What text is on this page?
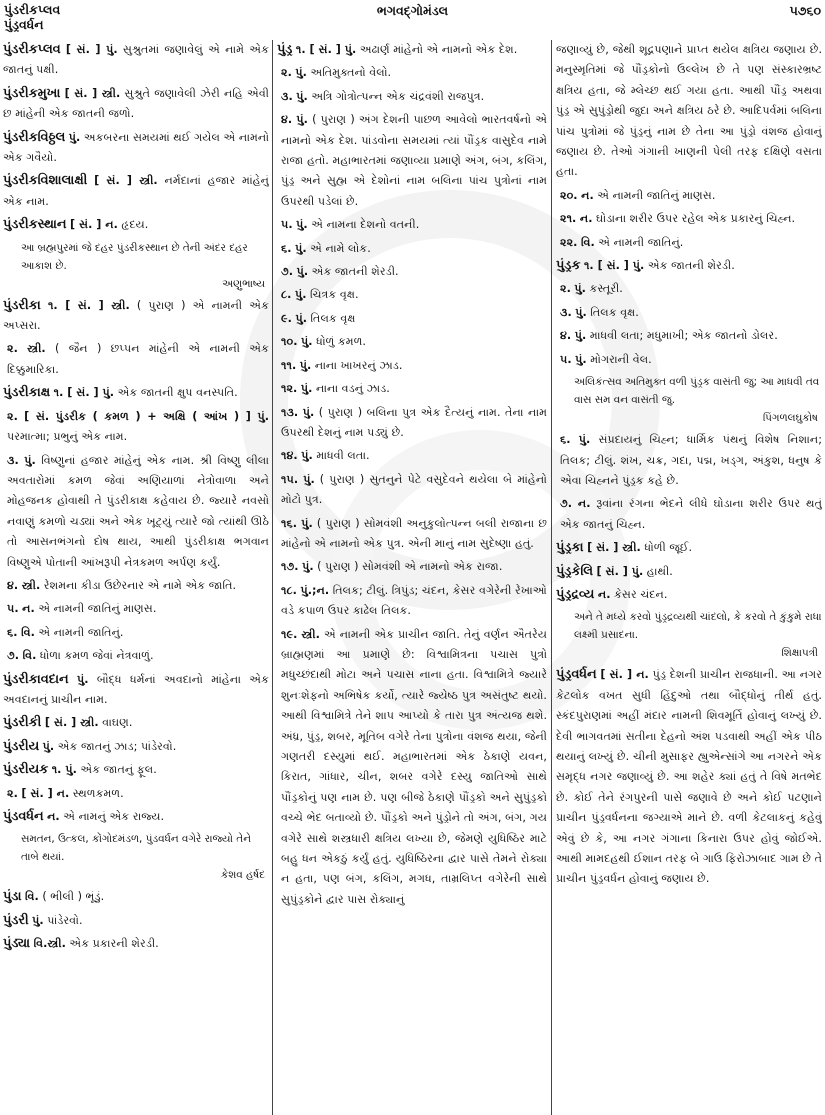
પુંડરીકપ્લવ
પુંડ્રવર્ધન
ભગવદ્ગોમંડલ	૫૭૬૦
પુંડરીકપ્લવ [ સં. ] પું. સુશ્રુતમાં જણાવેલું એ નામે એક જાતનું પક્ષી.
પુંડરીકમુખા [ સં. ] સ્ત્રી. સુશ્રુતે જણાવેલી ઝેરી નહિ એવી છ માંહેની એક જાતની જળો.
પુંડરીકવિઠ્ઠલ પું. અકબરના સમયમાં થઈ ગયેલ એ નામનો એક ગવૈયો.
પુંડરીકવિશાલાક્ષી [ સં. ] સ્ત્રી. નર્મદાનાં હજાર માંહેનું એક નામ.
પુંડરીકસ્થાન [ સં. ] ન. હૃદય.
આ બ્રહ્મપુરમાં જે દહર પુંડરીકસ્થાન છે તેની અંદર દહર આકાશ છે.
અણુભાષ્ય
પુંડરીકા ૧. [ સં. ] સ્ત્રી. ( પુરાણ ) એ નામની એક અપ્સરા.
૨. સ્ત્રી. ( જૈન ) છપ્પન માંહેની એ નામની એક દિક્કુમારિકા.
પુંડરીકાક્ષ ૧. [ સં. ] પું. એક જાતની ક્ષુપ વનસ્પતિ.
૨. [ સં. પુંડરીક ( કમળ ) + અક્ષિ ( આંખ ) ] પું. પરમાત્મા; પ્રભુનું એક નામ.
૩. પું. વિષ્ણુનાં હજાર માંહેનું એક નામ. શ્રી વિષ્ણુ લીલા અવતારોમાં કમળ જેવાં અણિયાળાં નેત્રોવાળા અને મોહજનક હોવાથી તે પુંડરીકાક્ષ કહેવાય છે. જ્યારે નવસો નવાણું કમળો ચડ્યાં અને એક ખૂટ્યું ત્યારે જો ત્યાંથી ઊઠે તો આસનભંગનો દોષ થાય, આથી પુંડરીકાક્ષ ભગવાન વિષ્ણુએ પોતાની આંખરૂપી નેત્રકમળ અર્પણ કર્યું.
૪. સ્ત્રી. રેશમના કીડા ઉછેરનાર એ નામે એક જાતિ.
૫. ન. એ નામની જાતિનું માણસ.
૬. વિ. એ નામની જાતિનું.
૭. વિ. ધોળા કમળ જેવાં નેત્રવાળું.
પુંડરીકાવદાન પું. બૌદ્ધ ધર્મનાં અવદાનો માંહેના એક અવદાનનું પ્રાચીન નામ.
પુંડરીકી [ સં. ] સ્ત્રી. વાઘણ.
પુંડરીય પું. એક જાતનું ઝાડ; પાંડેરવો.
પુંડરીયક ૧. પું. એક જાતનું ફૂલ.
૨. [ સં. ] ન. સ્થળકમળ.
પુંડવર્ધન ન. એ નામનું એક રાજ્ય.
સમતન, ઉત્કલ, કોંગોદમંડળ, પુંડવર્ધન વગેરે રાજ્યો તેને તાબે થયાં.
કેશવ હર્ષદ
પુંડા વિ. ( ભીલી ) ભૂંડું.
પુંડરી પું. પાંડેરવો.
પુંડ્યા વિ.સ્ત્રી. એક પ્રકારની શેરડી.
પુંડ્ર ૧. [ સં. ] પું. અઢાર્ણ માંહેનો એ નામનો એક દેશ.
૨. પું. અતિમુક્તનો વેલો.
૩. પું. અત્રિ ગોત્રોત્પન્ન એક ચંદ્રવંશી રાજપુત્ર.
૪. પું. ( પુરાણ ) અંગ દેશની પાછળ આવેલો ભારતવર્ષનો એ નામનો એક દેશ. પાંડવોના સમયમાં ત્યાં પૌંડ્રક વાસુદેવ નામે રાજા હતો. મહાભારતમાં જણાવ્યા પ્રમાણે અંગ, બંગ, કલિંગ, પુંડ્ર અને સુહ્મ એ દેશોનાં નામ બલિના પાંચ પુત્રોનાં નામ ઉપરથી પડેલાં છે.
૫. પું. એ નામના દેશનો વતની.
૬. પું. એ નામે લોક.
૭. પું. એક જાતની શેરડી.
૮. પું. ચિત્રક વૃક્ષ.
૯. પું. તિલક વૃક્ષ
૧૦. પું. ધોળું કમળ.
૧૧. પું. નાના ખાખરનું ઝાડ.
૧૨. પું. નાના વડનું ઝાડ.
૧૩. પું. ( પુરાણ ) બલિના પુત્ર એક દૈત્યનું નામ. તેના નામ ઉપરથી દેશનું નામ પડ્યું છે.
૧૪. પું. માધવી લતા.
૧૫. પું. ( પુરાણ ) સુતનુને પેટે વસુદેવને થયેલા બે માંહેનો મોટો પુત્ર.
૧૬. પું. ( પુરાણ ) સોમવંશી અનુકુલોત્પન્ન બલી રાજાના છ માંહેનો એ નામનો એક પુત્ર. એની માનું નામ સુદેષ્ણા હતું.
૧૭. પું. ( પુરાણ ) સોમવંશી એ નામનો એક રાજા.
૧૮. પું.;ન. તિલક; ટીલું. ત્રિપુંડ; ચંદન, કેસર વગેરેની રેખાઓ વડે કપાળ ઉપર કાઢેલ તિલક.
૧૯. સ્ત્રી. એ નામની એક પ્રાચીન જાતિ. તેનું વર્ણન ઐતરેય બ્રાહ્મણમાં આ પ્રમાણે છે: વિશ્વામિત્રના પચાસ પુત્રો મધુચ્છંદાથી મોટા અને પચાસ નાના હતા. વિશ્વામિત્રે જ્યારે શુનઃશેફનો અભિષેક કર્યો, ત્યારે જ્યેષ્ઠ પુત્ર અસંતુષ્ટ થયો. આથી વિશ્વામિત્રે તેને શાપ આપ્યો કે તારા પુત્ર અંત્યજ થશે. અંધ્ર, પુંડ્ર, શબર, મૂતિબ વગેરે તેના પુત્રોના વંશજ થયા, જેની ગણતરી દસ્યુમાં થઈ. મહાભારતમાં એક ઠેકાણે યવન, કિરાત, ગાંધાર, ચીન, શબર વગેરે દસ્યુ જાતિઓ સાથે પૌંડ્રકોનું પણ નામ છે. પણ બીજે ઠેકાણે પૌંડ્રકો અને સુપુંડ્રકો વચ્ચે ભેદ બતાવ્યો છે. પૌંડ્રકો અને પુંડ્રોને તો અંગ, બંગ, ગય વગેરે સાથે શસ્ત્રધારી ક્ષત્રિય લખ્યા છે, જેમણે યુધિષ્ઠિર માટે બહુ ધન એકઠું કર્યું હતું. યુધિષ્ઠિરના દ્વાર પાસે તેમને રોક્યા ન હતા, પણ બંગ, કલિંગ, મગધ, તામ્રલિપ્ત વગેરેની સાથે સુપુંડ્રકોને દ્વાર પાસ રોક્યાનું
જણાવ્યું છે, જેથી શૂદ્રપણાને પ્રાપ્ત થયેલ ક્ષત્રિય જણાય છે. મનુસ્મૃતિમાં જે પૌંડ્રકોનો ઉલ્લેખ છે તે પણ સંસ્કારભ્રષ્ટ ક્ષત્રિય હતા, જે મ્લેચ્છ થઈ ગયા હતા. આથી પૌંડ્ર અથવા પુંડ્ર એ સુપુંડ્રોથી જુદા અને ક્ષત્રિય ઠરે છે. આદિપર્વમાં બલિના પાંચ પુત્રોમાં જે પુંડ્રનું નામ છે તેના આ પુંડ્રો વંશજ હોવાનું જણાય છે. તેઓ ગંગાની ખાણની પેલી તરફ દક્ષિણે વસતા હતા.
૨૦. ન. એ નામની જાતિનું માણસ.
૨૧. ન. ઘોડાના શરીર ઉપર રહેલ એક પ્રકારનું ચિહ્ન.
૨૨. વિ. એ નામની જાતિનું.
પુંડ્રક ૧. [ સં. ] પું. એક જાતની શેરડી.
૨. પું. કસ્તૂરી.
૩. પું. તિલક વૃક્ષ.
૪. પું. માધવી લતા; મધુમાખી; એક જાતનો ડોલર.
૫. પું. મોગરાની વેલ.
અલિકંત્સવ અતિમુક્ત વળી પુંડ્રક વાસંતી જુ; આ માધવી તવ વાસ સમ વન વાસંતી જુ.
પિંગળલઘુકોષ
૬. પું. સંપ્રદાયનું ચિહ્ન; ધાર્મિક પંથનું વિશેષ નિશાન; તિલક; ટીલું. શંખ, ચક્ર, ગદા, પદ્મ, ખડ્ગ, અંકુશ, ધનુષ કે એવા ચિહ્નને પુંડ્રક કહે છે.
૭. ન. રૂવાંના રંગના ભેદને લીધે ઘોડાના શરીર ઉપર થતું એક જાતનું ચિહ્ન.
પુંડ્રકા [ સં. ] સ્ત્રી. ધોળી જૂઈ.
પુંડ્રકેલિ [ સં. ] પું. હાથી.
પુંડ્રદ્રવ્ય ન. કેસર ચંદન.
અને તે મધ્યે કરવો પુંડ્રદ્રવ્યથી ચાંદલો, કે કરવો તે કુંકુમે રાધા લક્ષ્મી પ્રસાદના.
શિક્ષાપત્રી
પુંડ્રવર્ધન [ સં. ] ન. પુંડ્ર દેશની પ્રાચીન રાજધાની. આ નગર કેટલોક વખત સુધી હિંદુઓ તથા બૌદ્ધોનું તીર્થ હતું. સ્કંદપુરાણમાં અહીં મંદાર નામની શિવમૂર્તિ હોવાનું લખ્યું છે. દેવી ભાગવતમાં સતીના દેહનો અંશ પડવાથી અહીં એક પીઠ થયાનું લખ્યું છે. ચીની મુસાફર હ્યુએન્સાંગે આ નગરને એક સમૃદ્ધ નગર જણાવ્યું છે. આ શહેર ક્યાં હતું તે વિષે મતભેદ છે. કોઈ તેને રંગપુરની પાસે જણાવે છે અને કોઈ પટણાને પ્રાચીન પુંડ્રવર્ધનના જગ્યાએ માને છે. વળી કેટલાકનું કહેવું એવું છે કે, આ નગર ગંગાના કિનારા ઉપર હોવું જોઈએ. આથી મામદહથી ઈશાન તરફ બે ગાઉ ફિરોઝાબાદ ગામ છે તે પ્રાચીન પુંડ્રવર્ધન હોવાનું જણાય છે.
